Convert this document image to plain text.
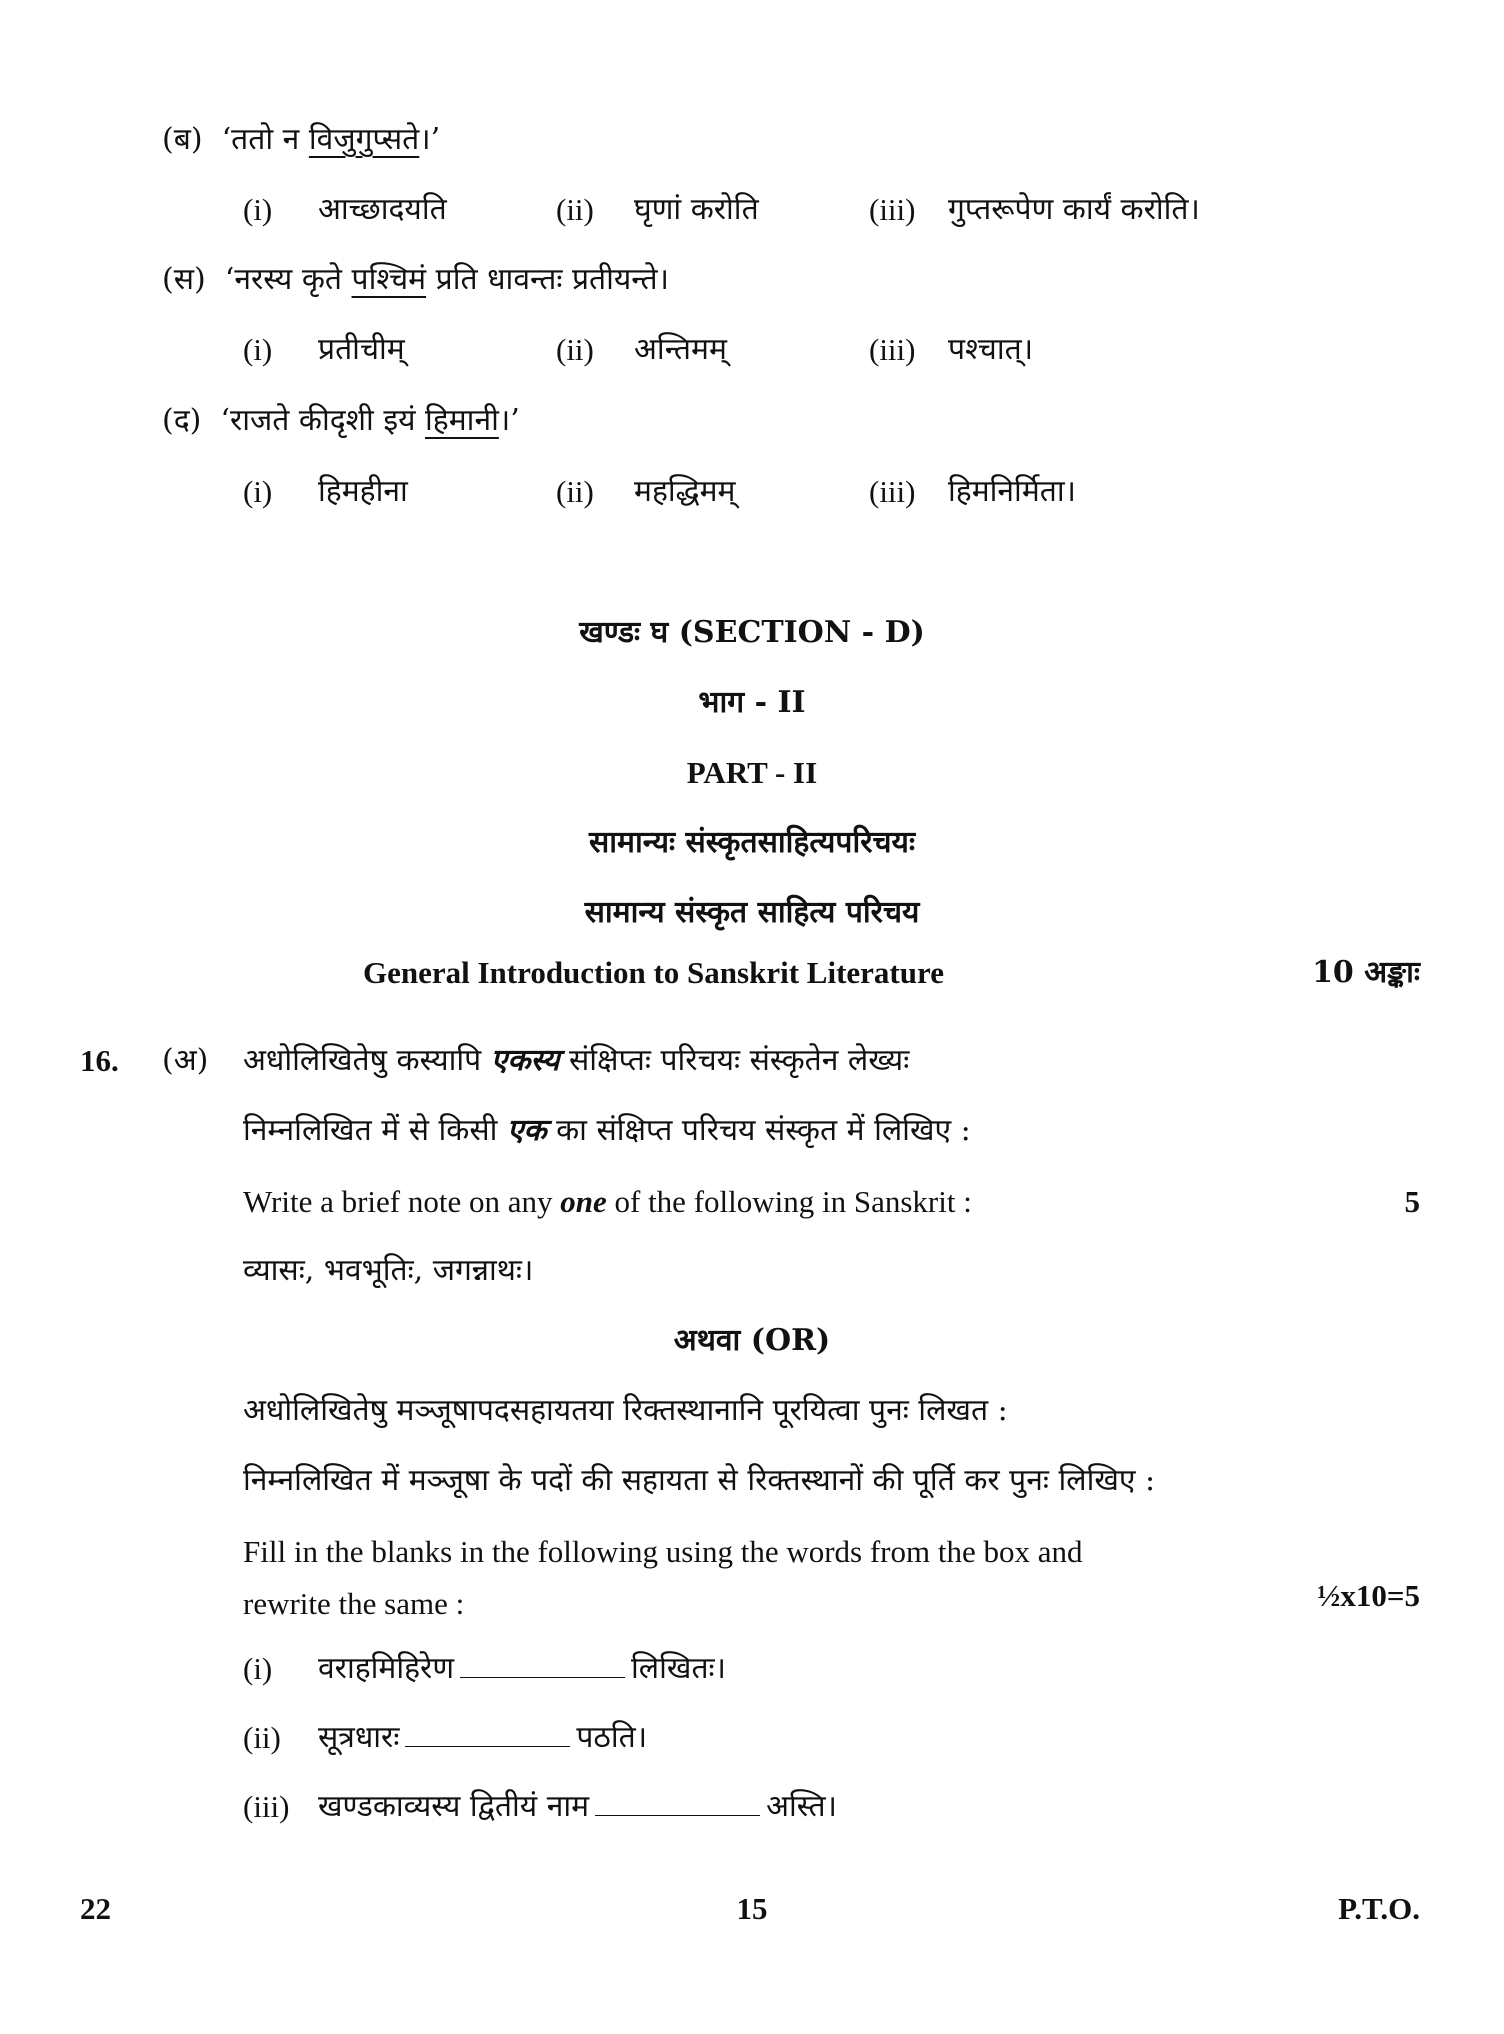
(ब) ‘ततो न विजुगुप्सते।’
(i) आच्छादयति	(ii) घृणां करोति	(iii) गुप्तरूपेण कार्यं करोति।
(स) ‘नरस्य कृते पश्चिमं प्रति धावन्तः प्रतीयन्ते।
(i) प्रतीचीम्	(ii) अन्तिमम्	(iii) पश्चात्।
(द) ‘राजते कीदृशी इयं हिमानी।’
(i) हिमहीना	(ii) महद्धिमम्	(iii) हिमनिर्मिता।
खण्डः घ (SECTION - D)
भाग - II
PART - II
सामान्यः संस्कृतसाहित्यपरिचयः
सामान्य संस्कृत साहित्य परिचय
General Introduction to Sanskrit Literature	10 अङ्काः
16. (अ) अधोलिखितेषु कस्यापि एकस्य संक्षिप्तः परिचयः संस्कृतेन लेख्यः
निम्नलिखित में से किसी एक का संक्षिप्त परिचय संस्कृत में लिखिए :
Write a brief note on any one of the following in Sanskrit :	5
व्यासः, भवभूतिः, जगन्नाथः।
अथवा (OR)
अधोलिखितेषु मञ्जूषापदसहायतया रिक्तस्थानानि पूरयित्वा पुनः लिखत :
निम्नलिखित में मञ्जूषा के पदों की सहायता से रिक्तस्थानों की पूर्ति कर पुनः लिखिए :
Fill in the blanks in the following using the words from the box and
rewrite the same :	½x10=5
(i) वराहमिहिरेण	लिखितः।
(ii) सूत्रधारः	पठति।
(iii) खण्डकाव्यस्य द्वितीयं नाम	अस्ति।
22	15	P.T.O.
